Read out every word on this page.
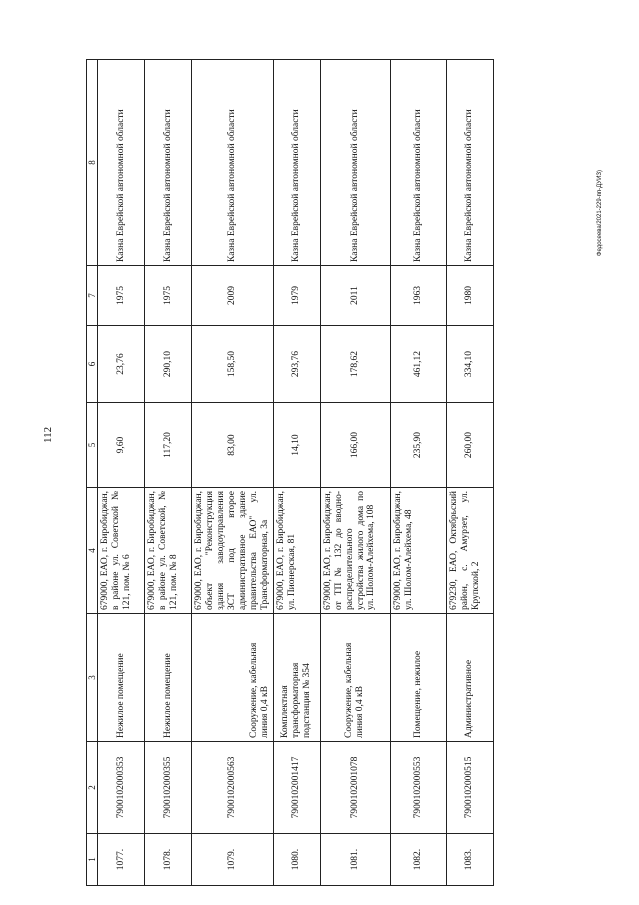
112
1	2	3	4	5	6	7	8
1077.	7900102000353	Нежилое помещение	679000, ЕАО, г. Биробиджан, в районе ул. Советской № 121, пом. № 6	9,60	23,76	1975	Казна Еврейской автономной области
1078.	7900102000355	Нежилое помещение	679000, ЕАО, г. Биробиджан, в районе ул. Советской, № 121, пом. № 8	117,20	290,10	1975	Казна Еврейской автономной области
1079.	7900102000563	Сооружение, кабельная линия 0,4 кВ	679000, ЕАО, г. Биробиджан, объект "Реконструкция здания заводоуправления ЗСТ под второе административное здание правительства ЕАО" ул. Трансформаторная, 3а	83,00	158,50	2009	Казна Еврейской автономной области
1080.	7900102001417	Комплектная трансформаторная подстанция № 354	679000, ЕАО, г. Биробиджан, ул. Пионерская, 81	14,10	293,76	1979	Казна Еврейской автономной области
1081.	7900102001078	Сооружение, кабельная линия 0,4 кВ	679000, ЕАО, г. Биробиджан, от ТП № 132 до вводно-распределительного устройства жилого дома по ул. Шолом-Алейхема, 108	166,00	178,62	2011	Казна Еврейской автономной области
1082.	7900102000553	Помещение, нежилое	679000, ЕАО, г. Биробиджан, ул. Шолом-Алейхема, 48	235,90	461,12	1963	Казна Еврейской автономной области
1083.	7900102000515	Административное	679230, ЕАО, Октябрьский район, с. Амурзет, ул. Крупской, 2	260,00	334,10	1980	Казна Еврейской автономной области	Федосеева/2021-229-пп-ДУИЗ)
